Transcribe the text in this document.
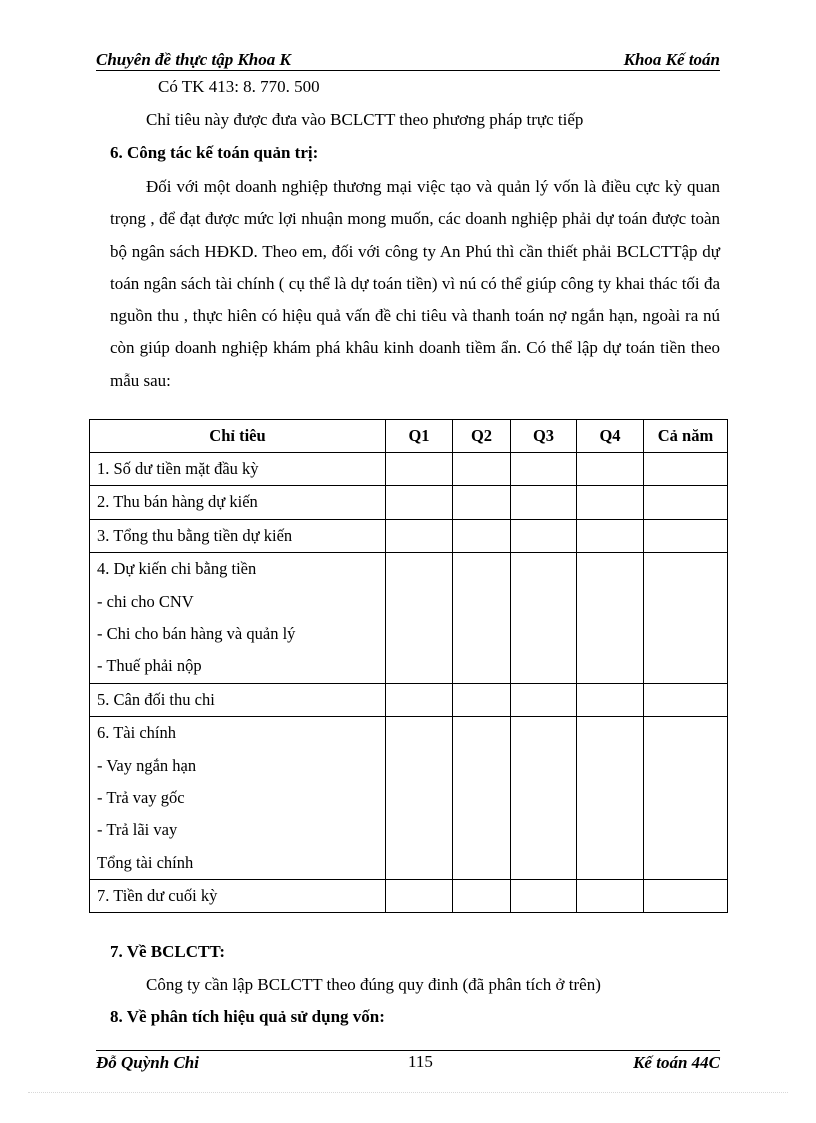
Chuyên đề thực tập Khoa K	Khoa Kế toán
Có TK 413: 8. 770. 500
Chỉ tiêu này được đưa vào BCLCTT theo phương pháp trực tiếp
6. Công tác kế toán quản trị:
Đối với một doanh nghiệp thương mại việc tạo và quản lý vốn là điều cực kỳ quan trọng , để đạt được mức lợi nhuận mong muốn, các doanh nghiệp phải dự toán được toàn bộ ngân sách HĐKD. Theo em, đối với công ty An Phú thì cần thiết phải BCLCTTập dự toán ngân sách tài chính ( cụ thể là dự toán tiền) vì nú có thể giúp công ty khai thác tối đa nguồn thu , thực hiên có hiệu quả vấn đề chi tiêu và thanh toán nợ ngắn hạn, ngoài ra nú còn giúp doanh nghiệp khám phá khâu kinh doanh tiềm ẩn. Có thể lập dự toán tiền theo mẫu sau:
Chỉ tiêu	Q1	Q2	Q3	Q4	Cả năm

1. Số dư tiền mặt đầu kỳ					

2. Thu bán hàng dự kiến					

3. Tổng thu bằng tiền dự kiến					

4. Dự kiến chi bằng tiền
- chi cho CNV
- Chi cho bán hàng và quản lý
- Thuế phải nộp					

5. Cân đối thu chi					

6. Tài chính
- Vay ngắn hạn
- Trả vay gốc
- Trả lãi vay
Tổng tài chính					

7. Tiền dư cuối kỳ					

7. Về BCLCTT:
Công ty cần lập BCLCTT theo đúng quy đinh (đã phân tích ở trên)
8. Về phân tích hiệu quả sử dụng vốn:
Đỗ Quỳnh Chi	115	Kế toán 44C
